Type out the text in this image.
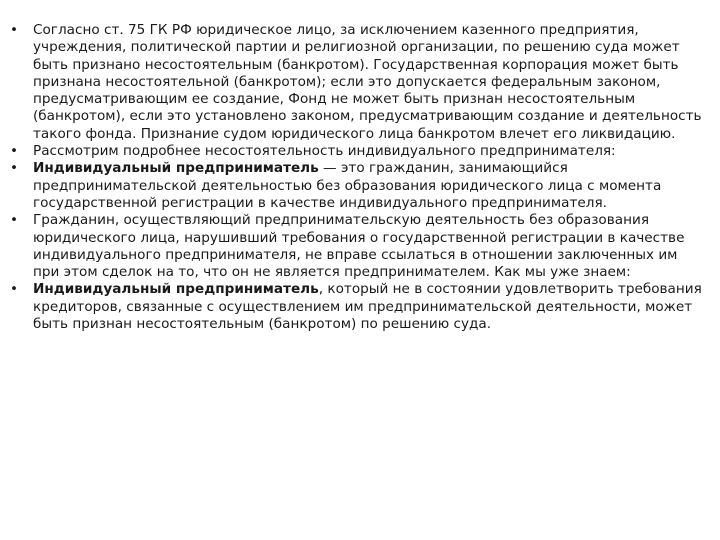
• Согласно ст. 75 ГК РФ юридическое лицо, за исключением казенного предприятия, учреждения, политической партии и религиозной организации, по решению суда может быть признано несостоятельным (банкротом). Государственная корпорация может быть признана несостоятельной (банкротом); если это допускается федеральным законом, предусматривающим ее создание, Фонд не может быть признан несостоятельным (банкротом), если это установлено законом, предусматривающим создание и деятельность такого фонда. Признание судом юридического лица банкротом влечет его ликвидацию.
• Рассмотрим подробнее несостоятельность индивидуального предпринимателя:
• Индивидуальный предприниматель — это гражданин, занимающийся предпринимательской деятельностью без образования юридического лица с момента государственной регистрации в качестве индивидуального предпринимателя.
• Гражданин, осуществляющий предпринимательскую деятельность без образования юридического лица, нарушивший требования о государственной регистрации в качестве индивидуального предпринимателя, не вправе ссылаться в отношении заключенных им при этом сделок на то, что он не является предпринимателем. Как мы уже знаем:
• Индивидуальный предприниматель, который не в состоянии удовлетворить требования кредиторов, связанные с осуществлением им предпринимательской деятельности, может быть признан несостоятельным (банкротом) по решению суда.
